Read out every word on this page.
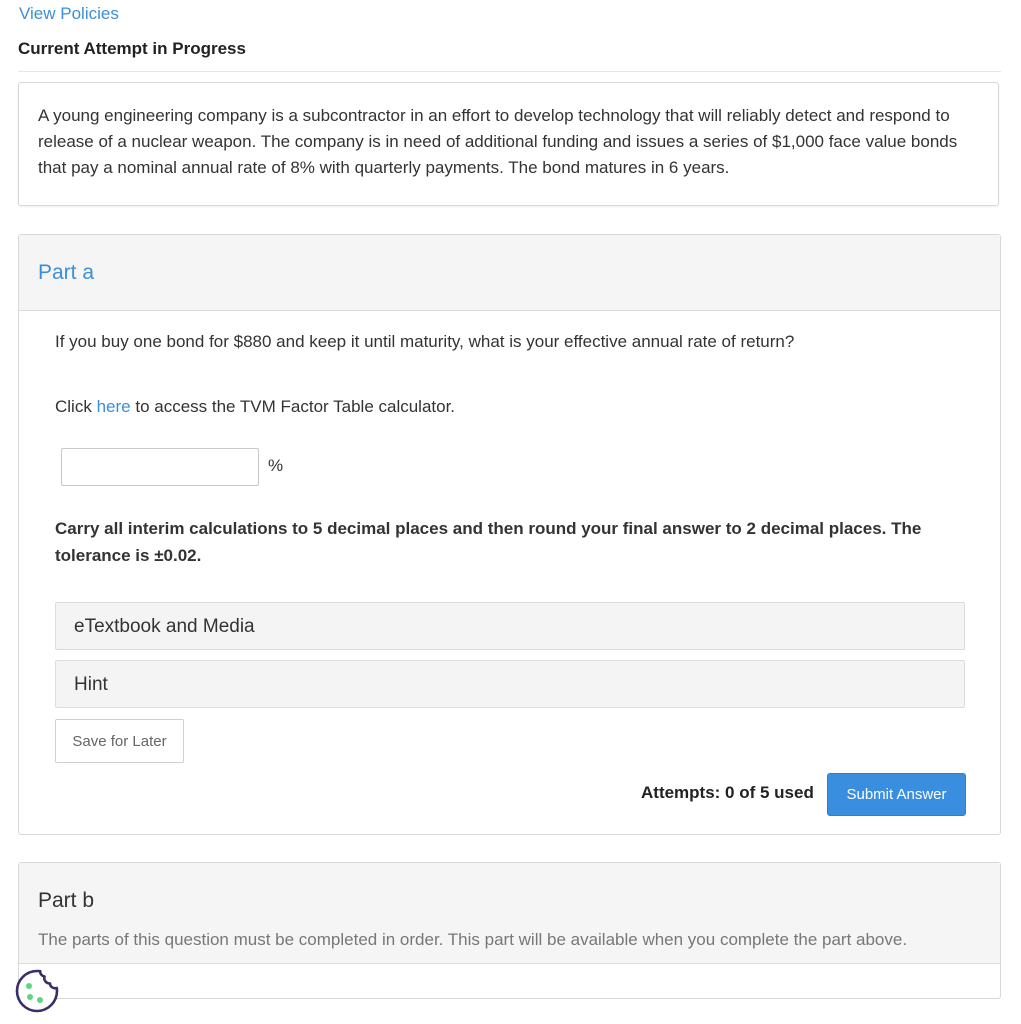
View Policies
Current Attempt in Progress
A young engineering company is a subcontractor in an effort to develop technology that will reliably detect and respond to release of a nuclear weapon. The company is in need of additional funding and issues a series of $1,000 face value bonds that pay a nominal annual rate of 8% with quarterly payments. The bond matures in 6 years.
Part a
If you buy one bond for $880 and keep it until maturity, what is your effective annual rate of return?
Click here to access the TVM Factor Table calculator.
%
Carry all interim calculations to 5 decimal places and then round your final answer to 2 decimal places. The tolerance is ±0.02.
eTextbook and Media
Hint
Save for Later
Attempts: 0 of 5 used	Submit Answer
Part b
The parts of this question must be completed in order. This part will be available when you complete the part above.
